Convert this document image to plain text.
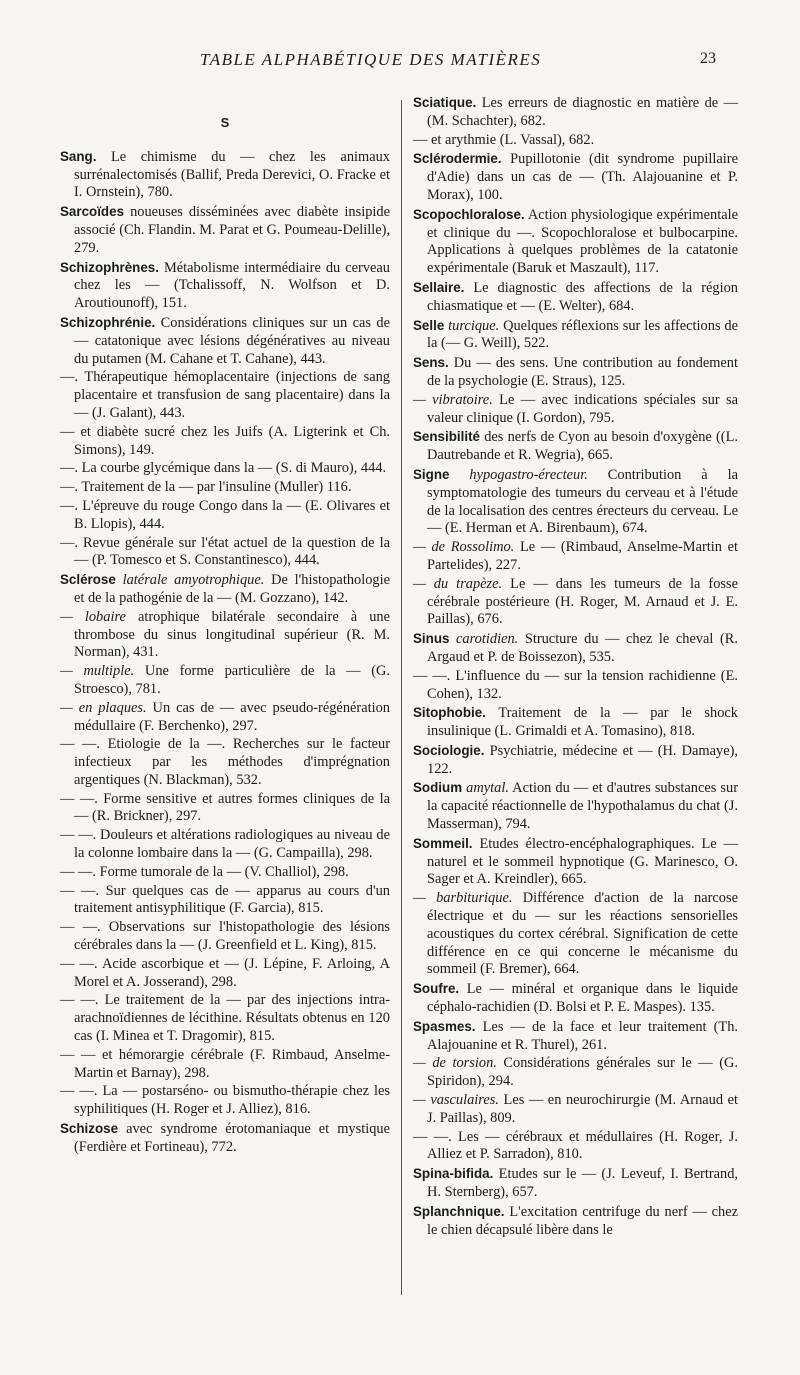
TABLE ALPHABÉTIQUE DES MATIÈRES	23
S
Sang. Le chimisme du — chez les animaux surrénalectomisés (Ballif, Preda Derevici, O. Fracke et I. Ornstein), 780.
Sarcoïdes noueuses disséminées avec diabète insipide associé (Ch. Flandin. M. Parat et G. Poumeau-Delille), 279.
Schizophrènes. Métabolisme intermédiaire du cerveau chez les — (Tchalissoff, N. Wolfson et D. Aroutiounoff), 151.
Schizophrénie. Considérations cliniques sur un cas de — catatonique avec lésions dégénératives au niveau du putamen (M. Cahane et T. Cahane), 443.
—. Thérapeutique hémoplacentaire (injections de sang placentaire et transfusion de sang placentaire) dans la — (J. Galant), 443.
— et diabète sucré chez les Juifs (A. Ligterink et Ch. Simons), 149.
—. La courbe glycémique dans la — (S. di Mauro), 444.
—. Traitement de la — par l'insuline (Muller) 116.
—. L'épreuve du rouge Congo dans la — (E. Olivares et B. Llopis), 444.
—. Revue générale sur l'état actuel de la question de la — (P. Tomesco et S. Constantinesco), 444.
Sclérose latérale amyotrophique. De l'histopathologie et de la pathogénie de la — (M. Gozzano), 142.
— lobaire atrophique bilatérale secondaire à une thrombose du sinus longitudinal supérieur (R. M. Norman), 431.
— multiple. Une forme particulière de la — (G. Stroesco), 781.
— en plaques. Un cas de — avec pseudo-régénération médullaire (F. Berchenko), 297.
— —. Etiologie de la —. Recherches sur le facteur infectieux par les méthodes d'imprégnation argentiques (N. Blackman), 532.
— —. Forme sensitive et autres formes cliniques de la — (R. Brickner), 297.
— —. Douleurs et altérations radiologiques au niveau de la colonne lombaire dans la — (G. Campailla), 298.
— —. Forme tumorale de la — (V. Challiol), 298.
— —. Sur quelques cas de — apparus au cours d'un traitement antisyphilitique (F. Garcia), 815.
— —. Observations sur l'histopathologie des lésions cérébrales dans la — (J. Greenfield et L. King), 815.
— —. Acide ascorbique et — (J. Lépine, F. Arloing, A Morel et A. Josserand), 298.
— —. Le traitement de la — par des injections intra-arachnoïdiennes de lécithine. Résultats obtenus en 120 cas (I. Minea et T. Dragomir), 815.
— — et hémorargie cérébrale (F. Rimbaud, Anselme-Martin et Barnay), 298.
— —. La — postarséno- ou bismutho-thérapie chez les syphilitiques (H. Roger et J. Alliez), 816.
Schizose avec syndrome érotomaniaque et mystique (Ferdière et Fortineau), 772.
Sciatique. Les erreurs de diagnostic en matière de — (M. Schachter), 682.
— et arythmie (L. Vassal), 682.
Sclérodermie. Pupillotonie (dit syndrome pupillaire d'Adie) dans un cas de — (Th. Alajouanine et P. Morax), 100.
Scopochloralose. Action physiologique expérimentale et clinique du —. Scopochloralose et bulbocarpine. Applications à quelques problèmes de la catatonie expérimentale (Baruk et Maszault), 117.
Sellaire. Le diagnostic des affections de la région chiasmatique et — (E. Welter), 684.
Selle turcique. Quelques réflexions sur les affections de la (— G. Weill), 522.
Sens. Du — des sens. Une contribution au fondement de la psychologie (E. Straus), 125.
— vibratoire. Le — avec indications spéciales sur sa valeur clinique (I. Gordon), 795.
Sensibilité des nerfs de Cyon au besoin d'oxygène ((L. Dautrebande et R. Wegria), 665.
Signe hypogastro-érecteur. Contribution à la symptomatologie des tumeurs du cerveau et à l'étude de la localisation des centres érecteurs du cerveau. Le — (E. Herman et A. Birenbaum), 674.
— de Rossolimo. Le — (Rimbaud, Anselme-Martin et Partelides), 227.
— du trapèze. Le — dans les tumeurs de la fosse cérébrale postérieure (H. Roger, M. Arnaud et J. E. Paillas), 676.
Sinus carotidien. Structure du — chez le cheval (R. Argaud et P. de Boissezon), 535.
— —. L'influence du — sur la tension rachidienne (E. Cohen), 132.
Sitophobie. Traitement de la — par le shock insulinique (L. Grimaldi et A. Tomasino), 818.
Sociologie. Psychiatrie, médecine et — (H. Damaye), 122.
Sodium amytal. Action du — et d'autres substances sur la capacité réactionnelle de l'hypothalamus du chat (J. Masserman), 794.
Sommeil. Etudes électro-encéphalographiques. Le — naturel et le sommeil hypnotique (G. Marinesco, O. Sager et A. Kreindler), 665.
— barbiturique. Différence d'action de la narcose électrique et du — sur les réactions sensorielles acoustiques du cortex cérébral. Signification de cette différence en ce qui concerne le mécanisme du sommeil (F. Bremer), 664.
Soufre. Le — minéral et organique dans le liquide céphalo-rachidien (D. Bolsi et P. E. Maspes). 135.
Spasmes. Les — de la face et leur traitement (Th. Alajouanine et R. Thurel), 261.
— de torsion. Considérations générales sur le — (G. Spiridon), 294.
— vasculaires. Les — en neurochirurgie (M. Arnaud et J. Paillas), 809.
— —. Les — cérébraux et médullaires (H. Roger, J. Alliez et P. Sarradon), 810.
Spina-bifida. Etudes sur le — (J. Leveuf, I. Bertrand, H. Sternberg), 657.
Splanchnique. L'excitation centrifuge du nerf — chez le chien décapsulé libère dans le
